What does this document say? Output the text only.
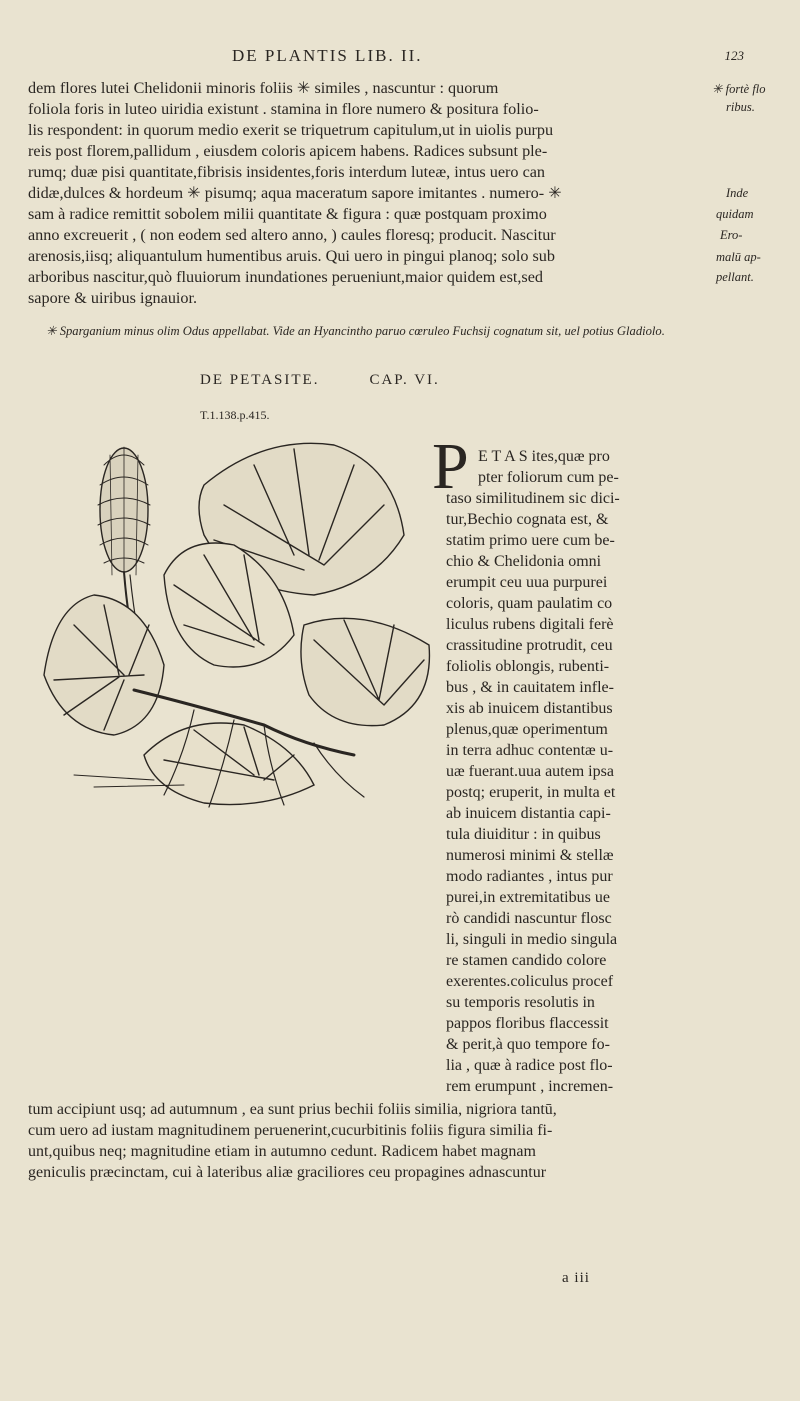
DE PLANTIS LIB. II.	123
dem flores lutei Chelidonii minoris foliis ✳ similes , nascuntur : quorum
foliola foris in luteo uiridia existunt . stamina in flore numero & positura folio-
lis respondent: in quorum medio exerit se triquetrum capitulum,ut in uiolis purpu
reis post florem,pallidum , eiusdem coloris apicem habens. Radices subsunt ple-
rumq; duæ pisi quantitate,fibrisis insidentes,foris interdum luteæ, intus uero can
didæ,dulces & hordeum ✳ pisumq; aqua maceratum sapore imitantes . numero- ✳
sam à radice remittit sobolem milii quantitate & figura : quæ postquam proximo
anno excreuerit , ( non eodem sed altero anno, ) caules floresq; producit. Nascitur
arenosis,iisq; aliquantulum humentibus aruis. Qui uero in pingui planoq; solo sub
arboribus nascitur,quò fluuiorum inundationes perueniunt,maior quidem est,sed
sapore & uiribus ignauior.
✳ fortè flo
ribus.
Inde
quidam
Ero-
malū ap-
pellant.
✳ Sparganium minus olim Odus appellabat. Vide an Hyancintho paruo cœruleo Fuchsij cognatum sit, uel potius Gladiolo.
DE PETASITE.	CAP. VI.
T.1.138.p.415.
P E T A S ites,quæ pro
pter foliorum cum pe-
taso similitudinem sic dici-
tur,Bechio cognata est, &
statim primo uere cum be-
chio & Chelidonia omni
erumpit ceu uua purpurei
coloris, quam paulatim co
liculus rubens digitali ferè
crassitudine protrudit, ceu
foliolis oblongis, rubenti-
bus , & in cauitatem infle-
xis ab inuicem distantibus
plenus,quæ operimentum
in terra adhuc contentæ u-
uæ fuerant.uua autem ipsa
postq; eruperit, in multa et
ab inuicem distantia capi-
tula diuiditur : in quibus
numerosi minimi & stellæ
modo radiantes , intus pur
purei,in extremitatibus ue
rò candidi nascuntur flosc
li, singuli in medio singula
re stamen candido colore
exerentes.coliculus procef
su temporis resolutis in
pappos floribus flaccessit
& perit,à quo tempore fo-
lia , quæ à radice post flo-
rem erumpunt , incremen-
tum accipiunt usq; ad autumnum , ea sunt prius bechii foliis similia, nigriora tantū,
cum uero ad iustam magnitudinem peruenerint,cucurbitinis foliis figura similia fi-
unt,quibus neq; magnitudine etiam in autumno cedunt. Radicem habet magnam
geniculis præcinctam, cui à lateribus aliæ graciliores ceu propagines adnascuntur
a iii
